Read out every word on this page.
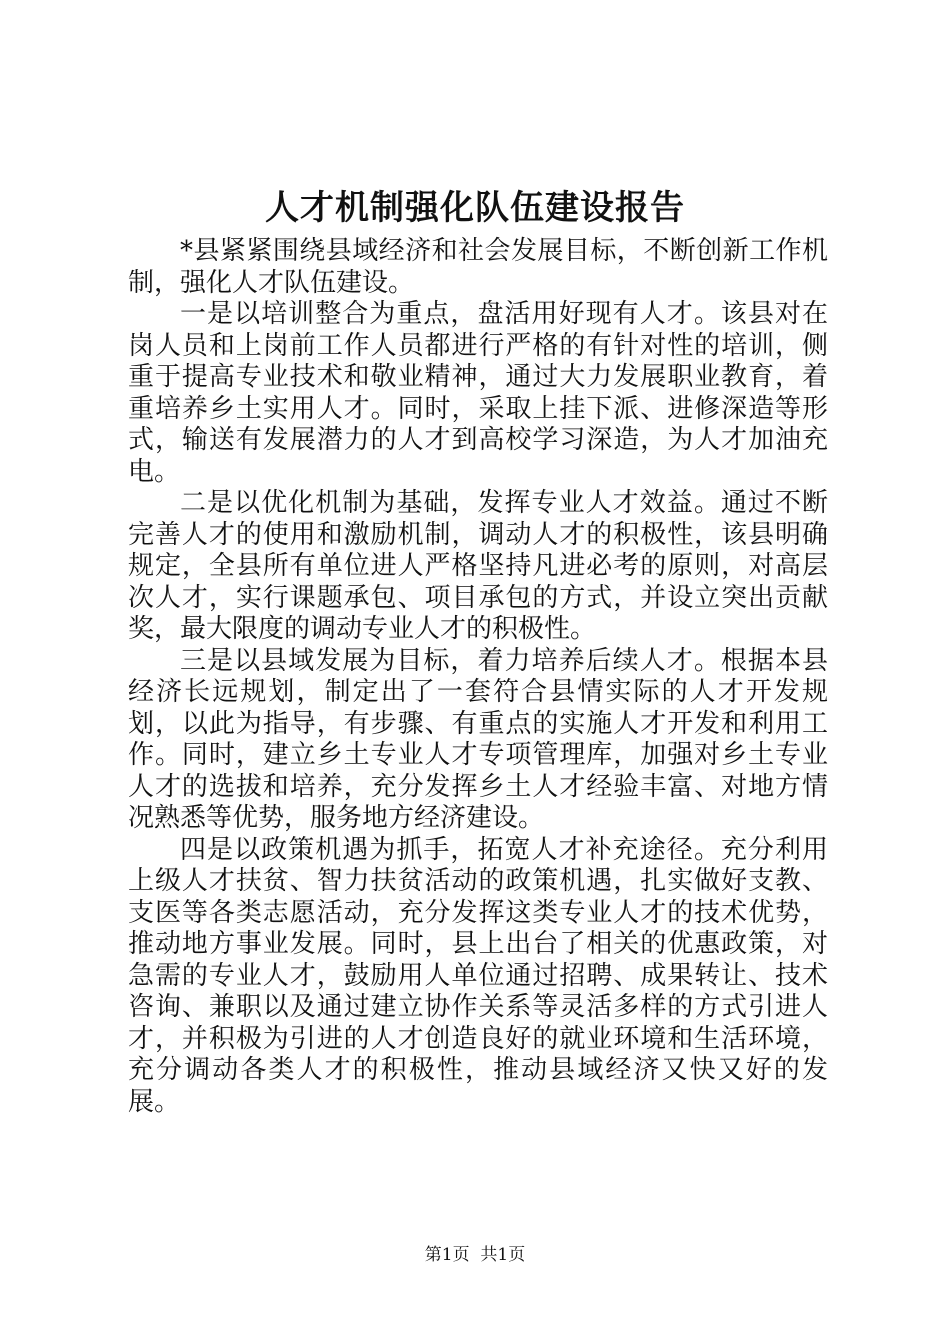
人才机制强化队伍建设报告

*县紧紧围绕县域经济和社会发展目标，不断创新工作机制，强化人才队伍建设。

一是以培训整合为重点，盘活用好现有人才。该县对在岗人员和上岗前工作人员都进行严格的有针对性的培训，侧重于提高专业技术和敬业精神，通过大力发展职业教育，着重培养乡土实用人才。同时，采取上挂下派、进修深造等形式，输送有发展潜力的人才到高校学习深造，为人才加油充电。

二是以优化机制为基础，发挥专业人才效益。通过不断完善人才的使用和激励机制，调动人才的积极性，该县明确规定，全县所有单位进人严格坚持凡进必考的原则，对高层次人才，实行课题承包、项目承包的方式，并设立突出贡献奖，最大限度的调动专业人才的积极性。

三是以县域发展为目标，着力培养后续人才。根据本县经济长远规划，制定出了一套符合县情实际的人才开发规划，以此为指导，有步骤、有重点的实施人才开发和利用工作。同时，建立乡土专业人才专项管理库，加强对乡土专业人才的选拔和培养，充分发挥乡土人才经验丰富、对地方情况熟悉等优势，服务地方经济建设。

四是以政策机遇为抓手，拓宽人才补充途径。充分利用上级人才扶贫、智力扶贫活动的政策机遇，扎实做好支教、支医等各类志愿活动，充分发挥这类专业人才的技术优势，推动地方事业发展。同时，县上出台了相关的优惠政策，对急需的专业人才，鼓励用人单位通过招聘、成果转让、技术咨询、兼职以及通过建立协作关系等灵活多样的方式引进人才，并积极为引进的人才创造良好的就业环境和生活环境，充分调动各类人才的积极性，推动县域经济又快又好的发展。

第1页 共1页
